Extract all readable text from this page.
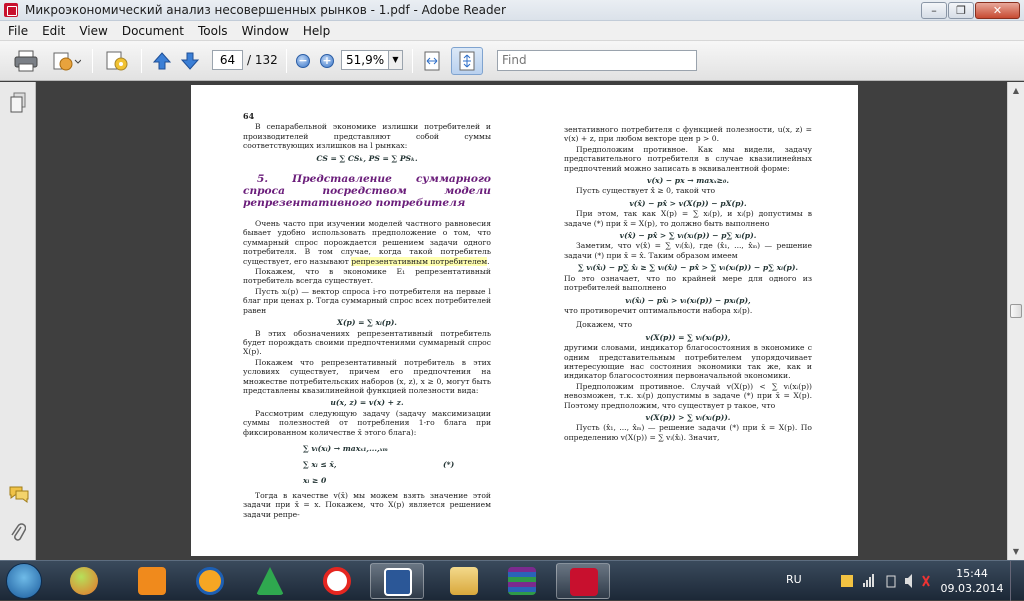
Микроэкономический анализ несовершенных рынков - 1.pdf - Adobe Reader	–	❐	✕
File	Edit	View	Document	Tools	Window	Help
64 / 132 − +	51,9%	▼	Find
▲
▼

64

В сепарабельной экономике излишки потребителей и производителей представляют собой суммы соответствующих излишков на l рынках:

CS = ∑ CSₖ, PS = ∑ PSₖ.

5. Представление суммарного спроса посредством модели репрезентативного потребителя

Очень часто при изучении моделей частного равновесия бывает удобно использовать предположение о том, что суммарный спрос порождается решением задачи одного потребителя. В том случае, когда такой потребитель существует, его называют репрезентативным потребителем.

Покажем, что в экономике E₁ репрезентативный потребитель всегда существует.

Пусть xᵢ(p) — вектор спроса i-го потребителя на первые l благ при ценах p. Тогда суммарный спрос всех потребителей равен

X(p) = ∑ xᵢ(p).

В этих обозначениях репрезентативный потребитель будет порождать своими предпочтениями суммарный спрос X(p).

Покажем что репрезентативный потребитель в этих условиях существует, причем его предпочтения на множестве потребительских наборов (x, z), x ≥ 0, могут быть представлены квазилинейной функцией полезности вида:

u(x, z) = v(x) + z.

Рассмотрим следующую задачу (задачу максимизации суммы полезностей от потребления 1-го блага при фиксированном количестве x̄ этого блага):

∑ vᵢ(xᵢ) → maxₓ₁,...,ₓₘ
∑ xᵢ ≤ x̄,	(*)
xᵢ ≥ 0

Тогда в качестве v(x̄) мы можем взять значение этой задачи при x̄ = x. Покажем, что X(p) является решением задачи репре-

зентативного потребителя с функцией полезности, u(x, z) = v(x) + z, при любом векторе цен p > 0.

Предположим противное. Как мы видели, задачу представительного потребителя в случае квазилинейных предпочтений можно записать в эквивалентной форме:

v(x) − px → maxₓ≥₀.

Пусть существует x̂ ≥ 0, такой что

v(x̂) − px̂ > v(X(p)) − pX(p).

При этом, так как X(p) = ∑ xᵢ(p), и xᵢ(p) допустимы в задаче (*) при x̄ = X(p), то должно быть выполнено

v(x̂) − px̂ > ∑ vᵢ(xᵢ(p)) − p∑ xᵢ(p).

Заметим, что v(x̂) = ∑ vᵢ(x̂ᵢ), где (x̂₁, ..., x̂ₘ) — решение задачи (*) при x̄ = x̂. Таким образом имеем

∑ vᵢ(x̂ᵢ) − p∑ x̂ᵢ ≥ ∑ vᵢ(x̂ᵢ) − px̂ > ∑ vᵢ(xᵢ(p)) − p∑ xᵢ(p).

По это означает, что по крайней мере для одного из потребителей выполнено

vᵢ(x̂ᵢ) − px̂ᵢ > vᵢ(xᵢ(p)) − pxᵢ(p),

что противоречит оптимальности набора xᵢ(p).

Докажем, что

v(X(p)) = ∑ vᵢ(xᵢ(p)),

другими словами, индикатор благосостояния в экономике с одним представительным потребителем упорядочивает интересующие нас состояния экономики так же, как и индикатор благосостояния первоначальной экономики.

Предположим противное. Случай v(X(p)) < ∑ vᵢ(xᵢ(p)) невозможен, т.к. xᵢ(p) допустимы в задаче (*) при x̄ = X(p). Поэтому предположим, что существует p такое, что

v(X(p)) > ∑ vᵢ(xᵢ(p)).

Пусть (x̂₁, ..., x̂ₘ) — решение задачи (*) при x̄ = X(p). По определению v(X(p)) = ∑ vᵢ(x̂ᵢ). Значит,

RU	15:44
09.03.2014
